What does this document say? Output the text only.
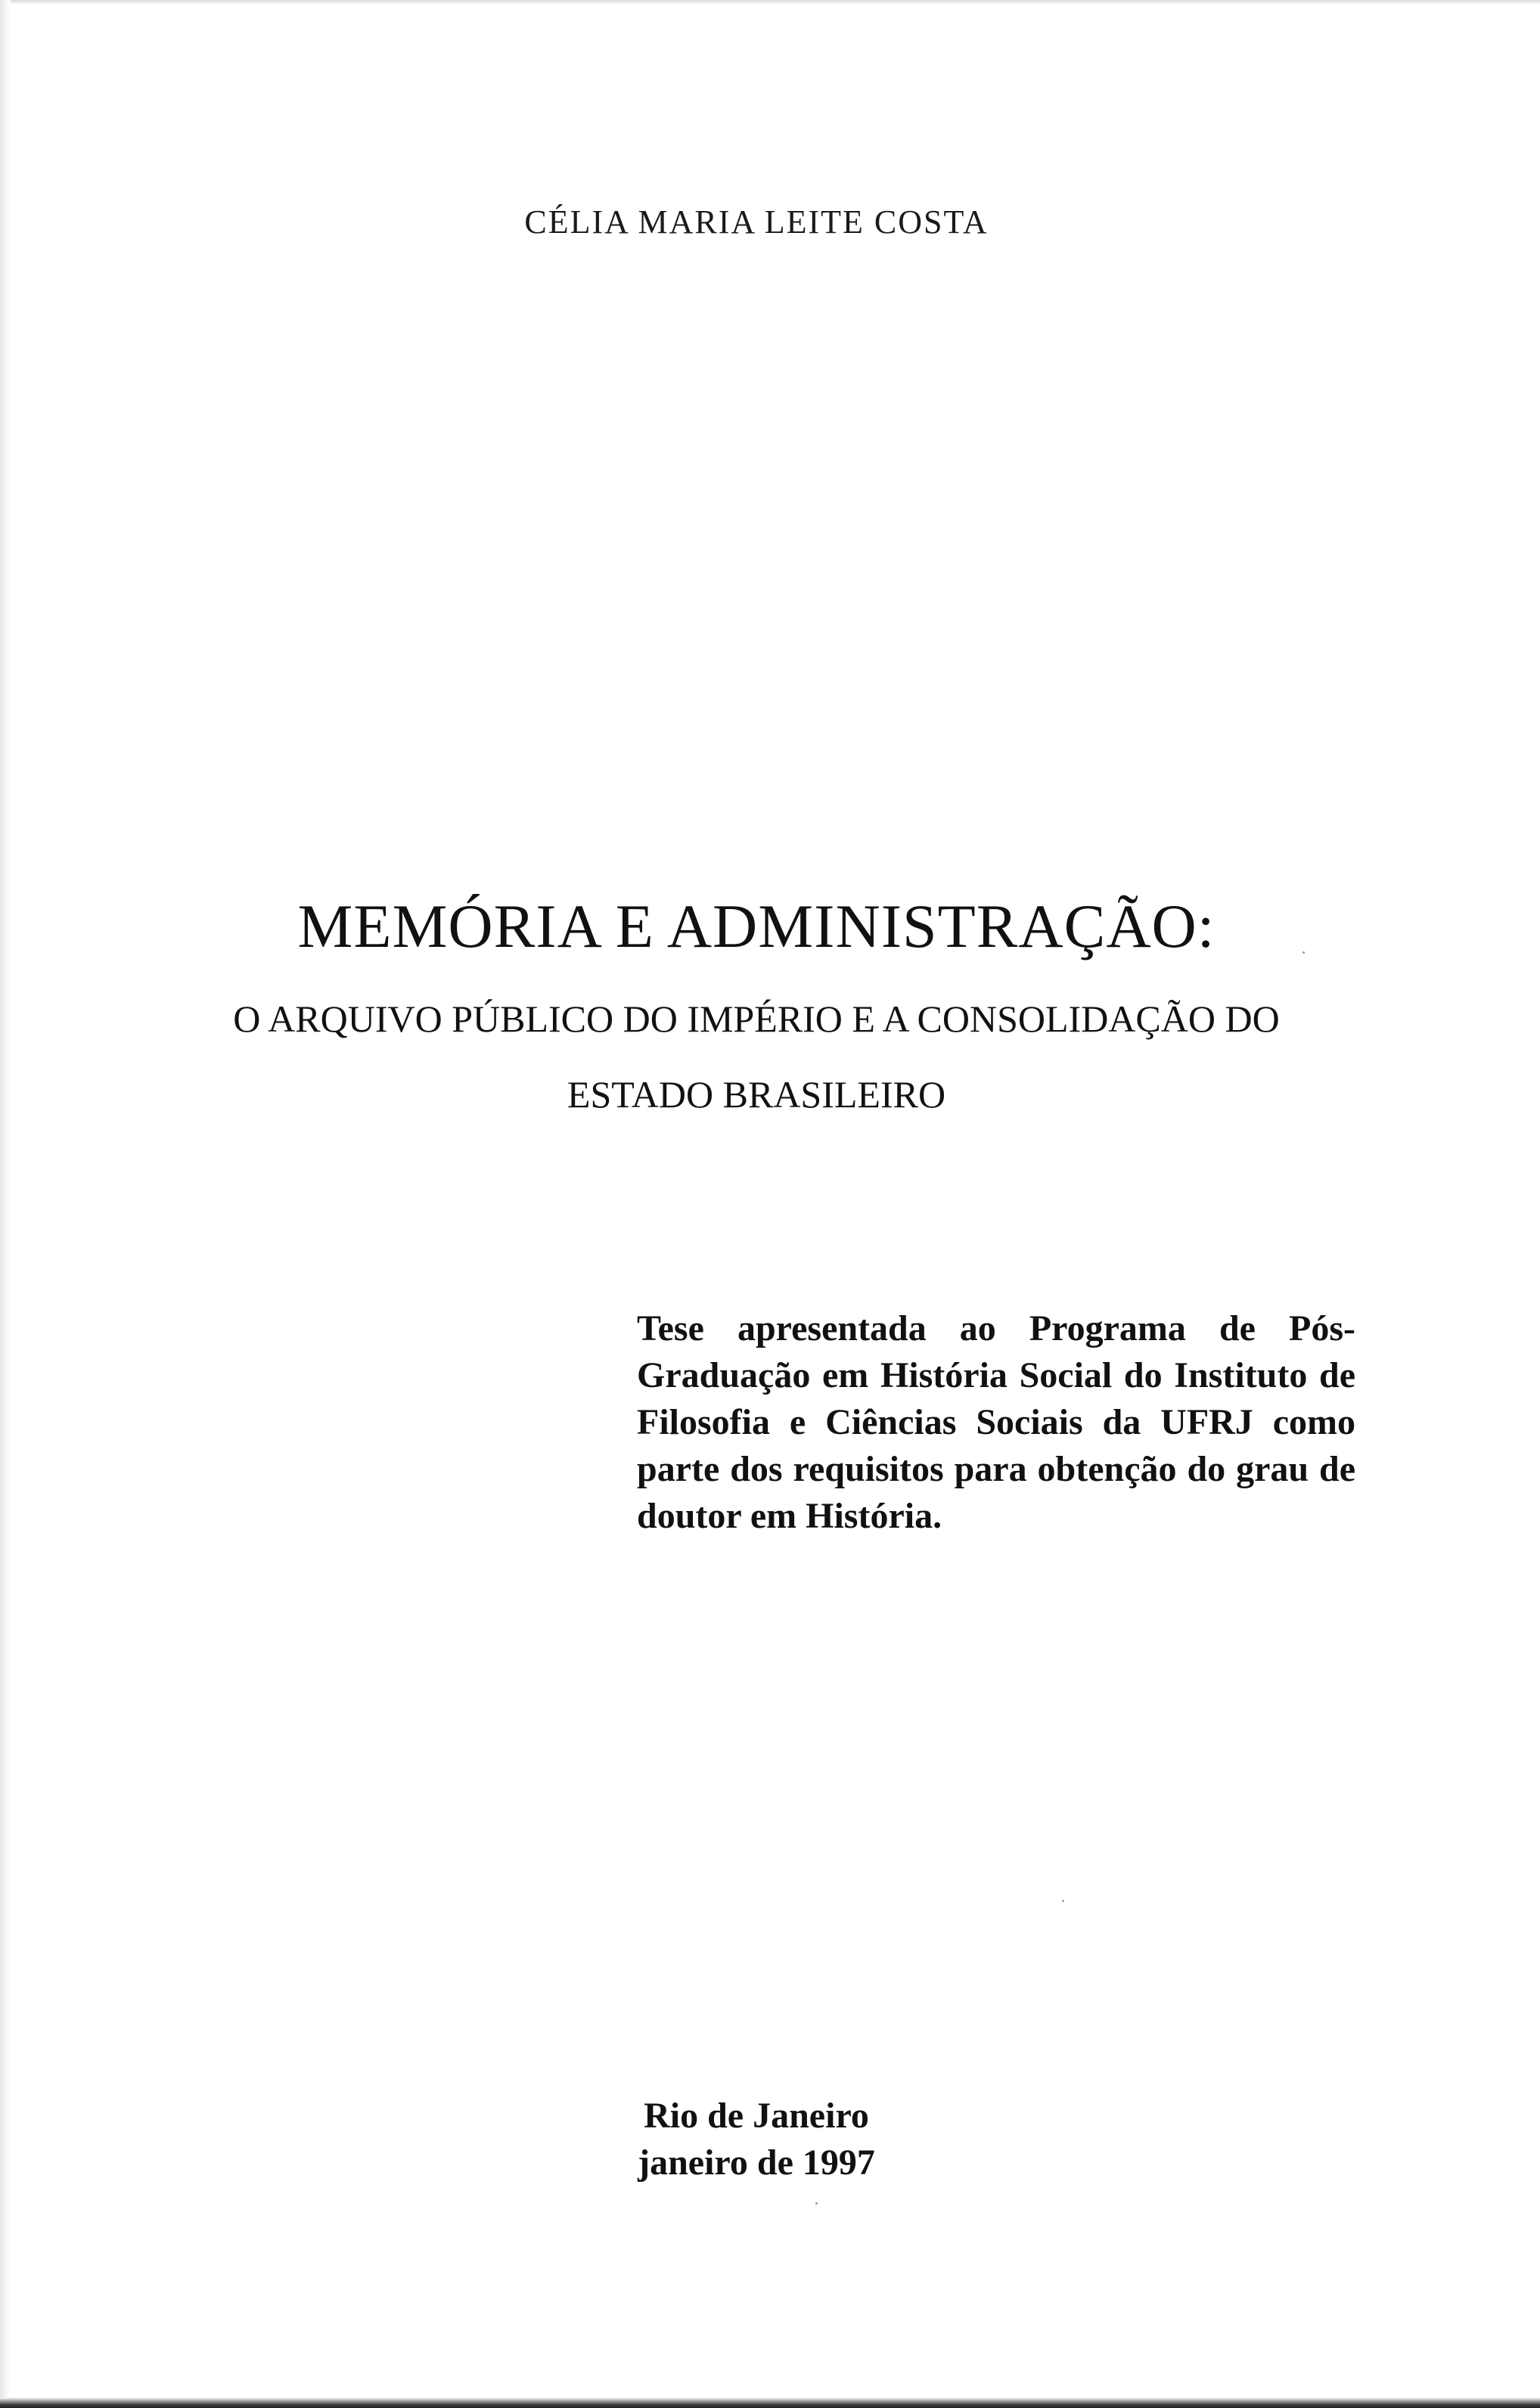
CÉLIA MARIA LEITE COSTA
MEMÓRIA E ADMINISTRAÇÃO:
O ARQUIVO PÚBLICO DO IMPÉRIO E A CONSOLIDAÇÃO DO
ESTADO BRASILEIRO
Tese apresentada ao Programa de Pós-Graduação em História Social do Instituto de Filosofia e Ciências Sociais da UFRJ como parte dos requisitos para obtenção do grau de doutor em História.
Rio de Janeiro
janeiro de 1997
